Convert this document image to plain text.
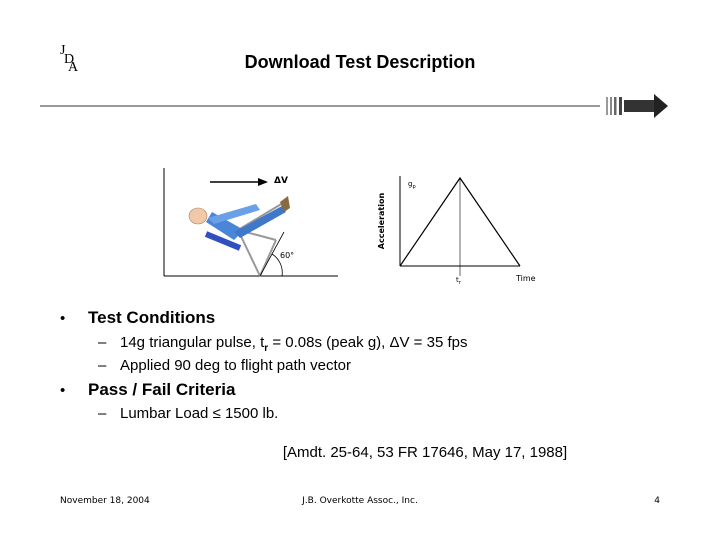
J
D
A	Download Test Description
ΔV
60°
Acceleration
$g_p$
$t_r$	Time
• Test Conditions
– 14g triangular pulse, $t_r = 0.08s$ (peak g), ΔV = 35 fps
– Applied 90 deg to flight path vector
• Pass / Fail Criteria
– Lumbar Load ≤ 1500 lb.
[Amdt. 25-64, 53 FR 17646, May 17, 1988]
November 18, 2004	J.B. Overkotte Assoc., Inc.	4
